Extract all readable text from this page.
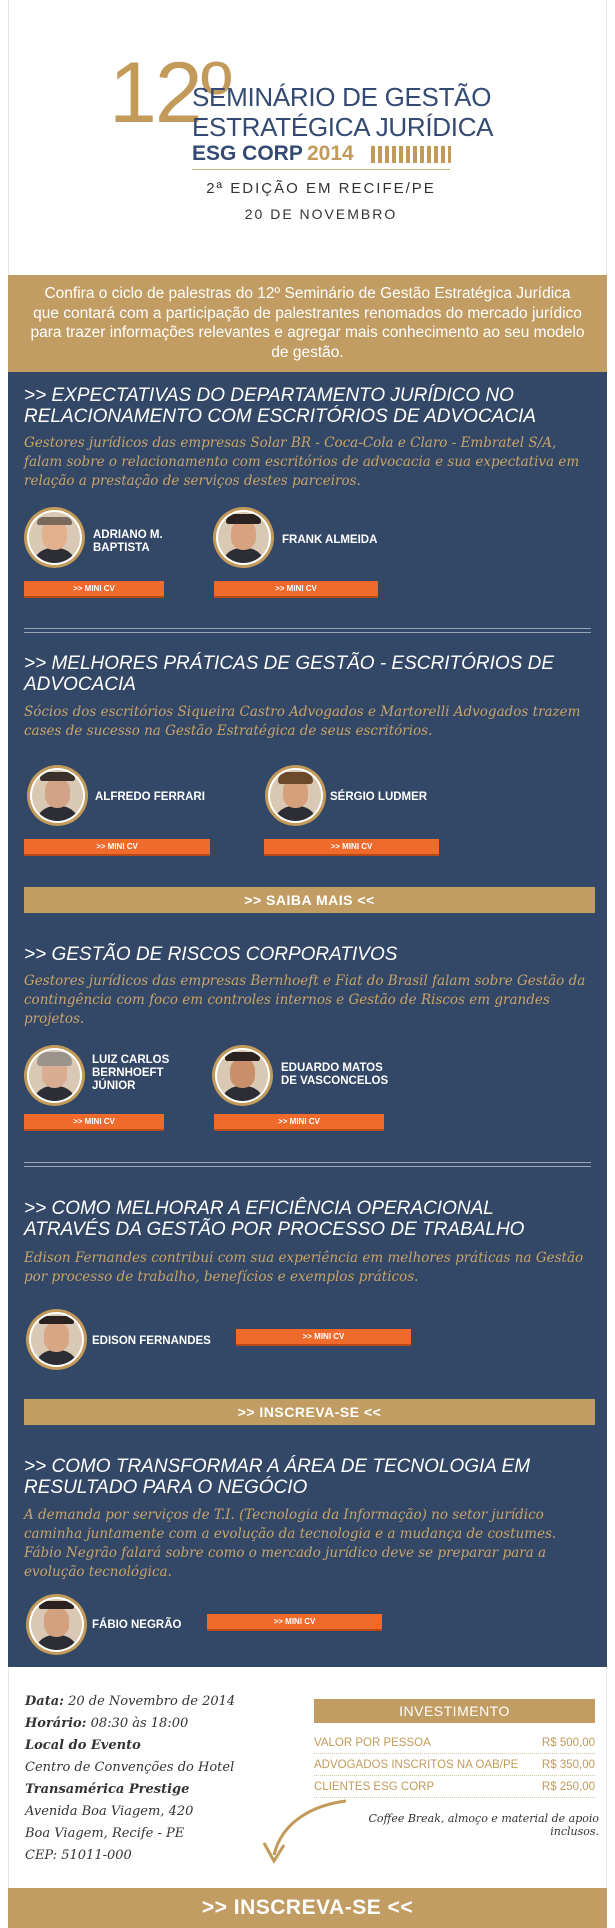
12º
SEMINÁRIO DE GESTÃO
ESTRATÉGICA JURÍDICA
ESG CORP 2014
2ª EDIÇÃO EM RECIFE/PE
20 DE NOVEMBRO
Confira o ciclo de palestras do 12º Seminário de Gestão Estratégica Jurídica que contará com a participação de palestrantes renomados do mercado jurídico para trazer informações relevantes e agregar mais conhecimento ao seu modelo de gestão.
>> EXPECTATIVAS DO DEPARTAMENTO JURÍDICO NO RELACIONAMENTO COM ESCRITÓRIOS DE ADVOCACIA
Gestores jurídicos das empresas Solar BR - Coca-Cola e Claro - Embratel S/A, falam sobre o relacionamento com escritórios de advocacia e sua expectativa em relação a prestação de serviços destes parceiros.
ADRIANO M. BAPTISTA
FRANK ALMEIDA
>> MINI CV	>> MINI CV
>> MELHORES PRÁTICAS DE GESTÃO - ESCRITÓRIOS DE ADVOCACIA
Sócios dos escritórios Siqueira Castro Advogados e Martorelli Advogados trazem cases de sucesso na Gestão Estratégica de seus escritórios.
ALFREDO FERRARI	SÉRGIO LUDMER
>> MINI CV	>> MINI CV
>> SAIBA MAIS <<
>> GESTÃO DE RISCOS CORPORATIVOS
Gestores jurídicos das empresas Bernhoeft e Fiat do Brasil falam sobre Gestão da contingência com foco em controles internos e Gestão de Riscos em grandes projetos.
LUIZ CARLOS BERNHOEFT JÚNIOR
EDUARDO MATOS DE VASCONCELOS
>> MINI CV	>> MINI CV
>> COMO MELHORAR A EFICIÊNCIA OPERACIONAL ATRAVÉS DA GESTÃO POR PROCESSO DE TRABALHO
Edison Fernandes contribui com sua experiência em melhores práticas na Gestão por processo de trabalho, benefícios e exemplos práticos.
EDISON FERNANDES	>> MINI CV
>> INSCREVA-SE <<
>> COMO TRANSFORMAR A ÁREA DE TECNOLOGIA EM RESULTADO PARA O NEGÓCIO
A demanda por serviços de T.I. (Tecnologia da Informação) no setor jurídico caminha juntamente com a evolução da tecnologia e a mudança de costumes. Fábio Negrão falará sobre como o mercado jurídico deve se preparar para a evolução tecnológica.
FÁBIO NEGRÃO	>> MINI CV
Data: 20 de Novembro de 2014
Horário: 08:30 às 18:00
Local do Evento
Centro de Convenções do Hotel
Transamérica Prestige
Avenida Boa Viagem, 420
Boa Viagem, Recife - PE
CEP: 51011-000
INVESTIMENTO
VALOR POR PESSOA	R$ 500,00
ADVOGADOS INSCRITOS NA OAB/PE R$ 350,00
CLIENTES ESG CORP	R$ 250,00
Coffee Break, almoço e material de apoio inclusos.
>> INSCREVA-SE <<
